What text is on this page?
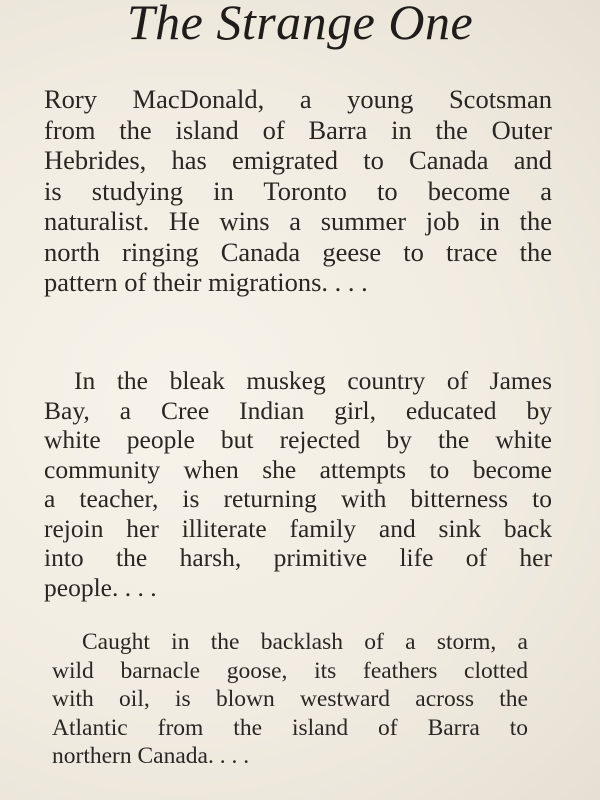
The Strange One
Rory MacDonald, a young Scotsman
from the island of Barra in the Outer
Hebrides, has emigrated to Canada and
is studying in Toronto to become a
naturalist. He wins a summer job in the
north ringing Canada geese to trace the
pattern of their migrations. . . .
In the bleak muskeg country of James
Bay, a Cree Indian girl, educated by
white people but rejected by the white
community when she attempts to become
a teacher, is returning with bitterness to
rejoin her illiterate family and sink back
into the harsh, primitive life of her
people. . . .
Caught in the backlash of a storm, a
wild barnacle goose, its feathers clotted
with oil, is blown westward across the
Atlantic from the island of Barra to
northern Canada. . . .
